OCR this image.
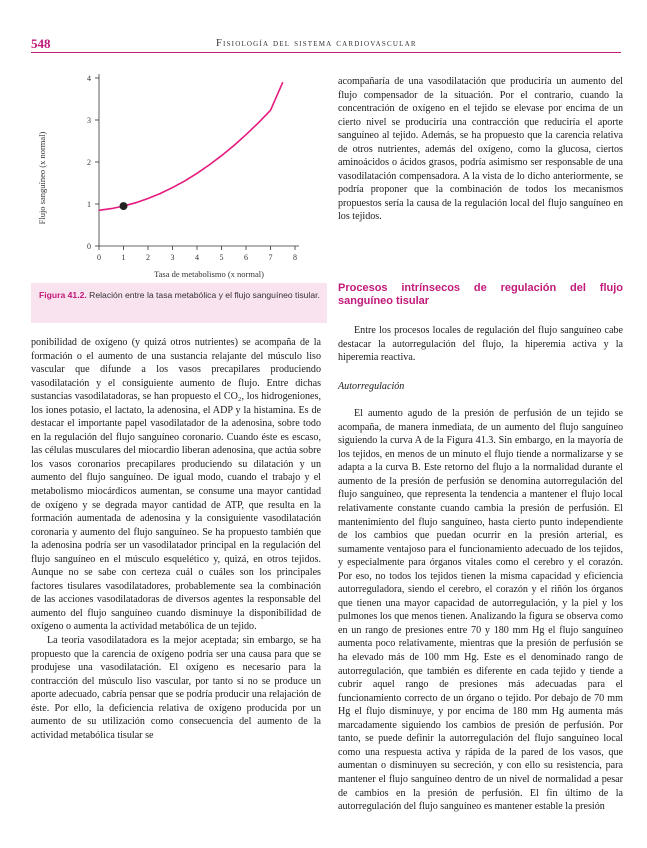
548	Fisiología del sistema cardiovascular
0	1	2	3	4	5	6	7	8
0
1
2
3
4
Tasa de metabolismo (x normal)
Flujo sanguíneo (x normal)
Figura 41.2. Relación entre la tasa metabólica y el flujo sanguíneo tisular.

ponibilidad de oxígeno (y quizá otros nutrientes) se acompaña de la formación o el aumento de una sustancia relajante del músculo liso vascular que difunde a los vasos precapilares produciendo vasodilatación y el consiguiente aumento de flujo. Entre dichas sustancias vasodilatadoras, se han propuesto el CO₂, los hidrogeniones, los iones potasio, el lactato, la adenosina, el ADP y la histamina. Es de destacar el importante papel vasodilatador de la adenosina, sobre todo en la regulación del flujo sanguíneo coronario. Cuando éste es escaso, las células musculares del miocardio liberan adenosina, que actúa sobre los vasos coronarios precapilares produciendo su dilatación y un aumento del flujo sanguíneo. De igual modo, cuando el trabajo y el metabolismo miocárdicos aumentan, se consume una mayor cantidad de oxígeno y se degrada mayor cantidad de ATP, que resulta en la formación aumentada de adenosina y la consiguiente vasodilatación coronaria y aumento del flujo sanguíneo. Se ha propuesto también que la adenosina podría ser un vasodilatador principal en la regulación del flujo sanguíneo en el músculo esquelético y, quizá, en otros tejidos. Aunque no se sabe con certeza cuál o cuáles son los principales factores tisulares vasodilatadores, probablemente sea la combinación de las acciones vasodilatadoras de diversos agentes la responsable del aumento del flujo sanguíneo cuando disminuye la disponibilidad de oxígeno o aumenta la actividad metabólica de un tejido.

La teoría vasodilatadora es la mejor aceptada; sin embargo, se ha propuesto que la carencia de oxígeno podría ser una causa para que se produjese una vasodilatación. El oxígeno es necesario para la contracción del músculo liso vascular, por tanto si no se produce un aporte adecuado, cabría pensar que se podría producir una relajación de éste. Por ello, la deficiencia relativa de oxígeno producida por un aumento de su utilización como consecuencia del aumento de la actividad metabólica tisular se

acompañaría de una vasodilatación que produciría un aumento del flujo compensador de la situación. Por el contrario, cuando la concentración de oxígeno en el tejido se elevase por encima de un cierto nivel se produciría una contracción que reduciría el aporte sanguíneo al tejido. Además, se ha propuesto que la carencia relativa de otros nutrientes, además del oxígeno, como la glucosa, ciertos aminoácidos o ácidos grasos, podría asimismo ser responsable de una vasodilatación compensadora. A la vista de lo dicho anteriormente, se podría proponer que la combinación de todos los mecanismos propuestos sería la causa de la regulación local del flujo sanguíneo en los tejidos.

Procesos intrínsecos de regulación del flujo sanguíneo tisular

Entre los procesos locales de regulación del flujo sanguíneo cabe destacar la autorregulación del flujo, la hiperemia activa y la hiperemia reactiva.

Autorregulación

El aumento agudo de la presión de perfusión de un tejido se acompaña, de manera inmediata, de un aumento del flujo sanguíneo siguiendo la curva A de la Figura 41.3. Sin embargo, en la mayoría de los tejidos, en menos de un minuto el flujo tiende a normalizarse y se adapta a la curva B. Este retorno del flujo a la normalidad durante el aumento de la presión de perfusión se denomina autorregulación del flujo sanguíneo, que representa la tendencia a mantener el flujo local relativamente constante cuando cambia la presión de perfusión. El mantenimiento del flujo sanguíneo, hasta cierto punto independiente de los cambios que puedan ocurrir en la presión arterial, es sumamente ventajoso para el funcionamiento adecuado de los tejidos, y especialmente para órganos vitales como el cerebro y el corazón. Por eso, no todos los tejidos tienen la misma capacidad y eficiencia autorreguladora, siendo el cerebro, el corazón y el riñón los órganos que tienen una mayor capacidad de autorregulación, y la piel y los pulmones los que menos tienen. Analizando la figura se observa como en un rango de presiones entre 70 y 180 mm Hg el flujo sanguíneo aumenta poco relativamente, mientras que la presión de perfusión se ha elevado más de 100 mm Hg. Este es el denominado rango de autorregulación, que también es diferente en cada tejido y tiende a cubrir aquel rango de presiones más adecuadas para el funcionamiento correcto de un órgano o tejido. Por debajo de 70 mm Hg el flujo disminuye, y por encima de 180 mm Hg aumenta más marcadamente siguiendo los cambios de presión de perfusión. Por tanto, se puede definir la autorregulación del flujo sanguíneo local como una respuesta activa y rápida de la pared de los vasos, que aumentan o disminuyen su secreción, y con ello su resistencia, para mantener el flujo sanguíneo dentro de un nivel de normalidad a pesar de cambios en la presión de perfusión. El fin último de la autorregulación del flujo sanguíneo es mantener estable la presión
